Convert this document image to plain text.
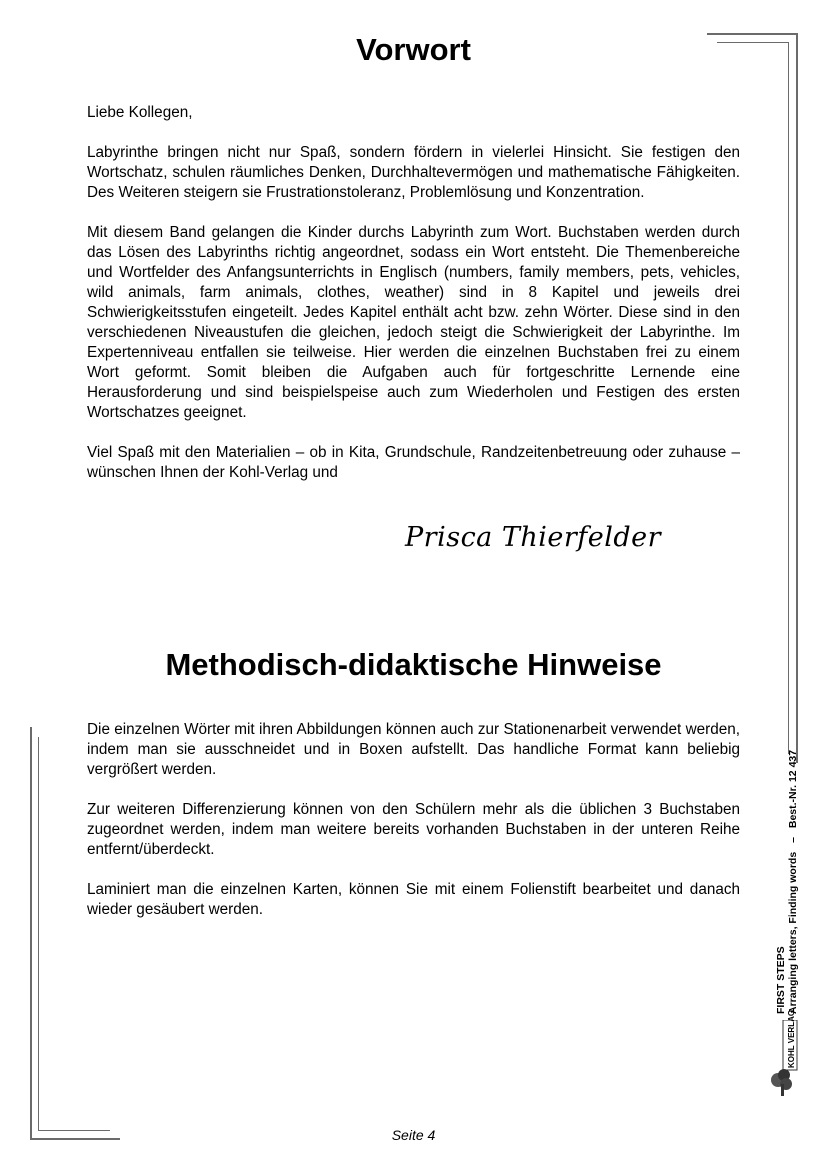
Vorwort

Liebe Kollegen,

Labyrinthe bringen nicht nur Spaß, sondern fördern in vielerlei Hinsicht. Sie festigen den Wortschatz, schulen räumliches Denken, Durchhaltevermögen und mathematische Fähigkeiten. Des Weiteren steigern sie Frustrationstoleranz, Problemlösung und Konzentration.

Mit diesem Band gelangen die Kinder durchs Labyrinth zum Wort. Buchstaben werden durch das Lösen des Labyrinths richtig angeordnet, sodass ein Wort entsteht. Die Themenbereiche und Wortfelder des Anfangsunterrichts in Englisch (numbers, family members, pets, vehicles, wild animals, farm animals, clothes, weather) sind in 8 Kapitel und jeweils drei Schwierigkeitsstufen eingeteilt. Jedes Kapitel enthält acht bzw. zehn Wörter. Diese sind in den verschiedenen Niveaustufen die gleichen, jedoch steigt die Schwierigkeit der Labyrinthe. Im Expertenniveau entfallen sie teilweise. Hier werden die einzelnen Buchstaben frei zu einem Wort geformt. Somit bleiben die Aufgaben auch für fortgeschritte Lernende eine Herausforderung und sind beispielspeise auch zum Wiederholen und Festigen des ersten Wortschatzes geeignet.

Viel Spaß mit den Materialien – ob in Kita, Grundschule, Randzeitenbetreuung oder zuhause – wünschen Ihnen der Kohl-Verlag und

Prisca Thierfelder
Methodisch-didaktische Hinweise

Die einzelnen Wörter mit ihren Abbildungen können auch zur Stationenarbeit verwendet werden, indem man sie ausschneidet und in Boxen aufstellt. Das handliche Format kann beliebig vergrößert werden.

Zur weiteren Differenzierung können von den Schülern mehr als die üblichen 3 Buchstaben zugeordnet werden, indem man weitere bereits vorhanden Buchstaben in der unteren Reihe entfernt/überdeckt.

Laminiert man die einzelnen Karten, können Sie mit einem Folienstift bearbeitet und danach wieder gesäubert werden.

FIRST STEPS Arranging letters, Finding words – Best.-Nr. 12 437
KOHL VERLAG
Seite 4
